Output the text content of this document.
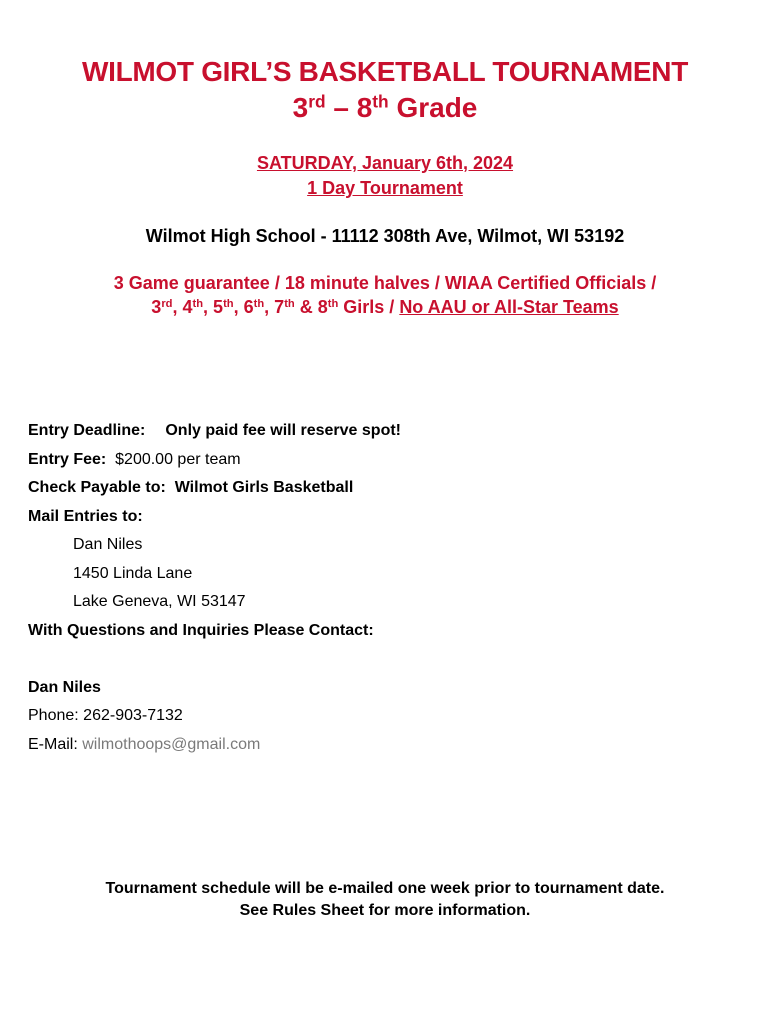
WILMOT GIRL’S BASKETBALL TOURNAMENT
3rd – 8th Grade
SATURDAY, January 6th, 2024
1 Day Tournament
Wilmot High School - 11112 308th Ave, Wilmot, WI 53192
3 Game guarantee / 18 minute halves / WIAA Certified Officials /
3rd, 4th, 5th, 6th, 7th & 8th Girls / No AAU or All-Star Teams
Entry Deadline: Only paid fee will reserve spot!
Entry Fee: $200.00 per team
Check Payable to: Wilmot Girls Basketball
Mail Entries to:
Dan Niles
1450 Linda Lane
Lake Geneva, WI 53147
With Questions and Inquiries Please Contact:
Dan Niles
Phone: 262-903-7132
E-Mail: wilmothoops@gmail.com
Tournament schedule will be e-mailed one week prior to tournament date.
See Rules Sheet for more information.
